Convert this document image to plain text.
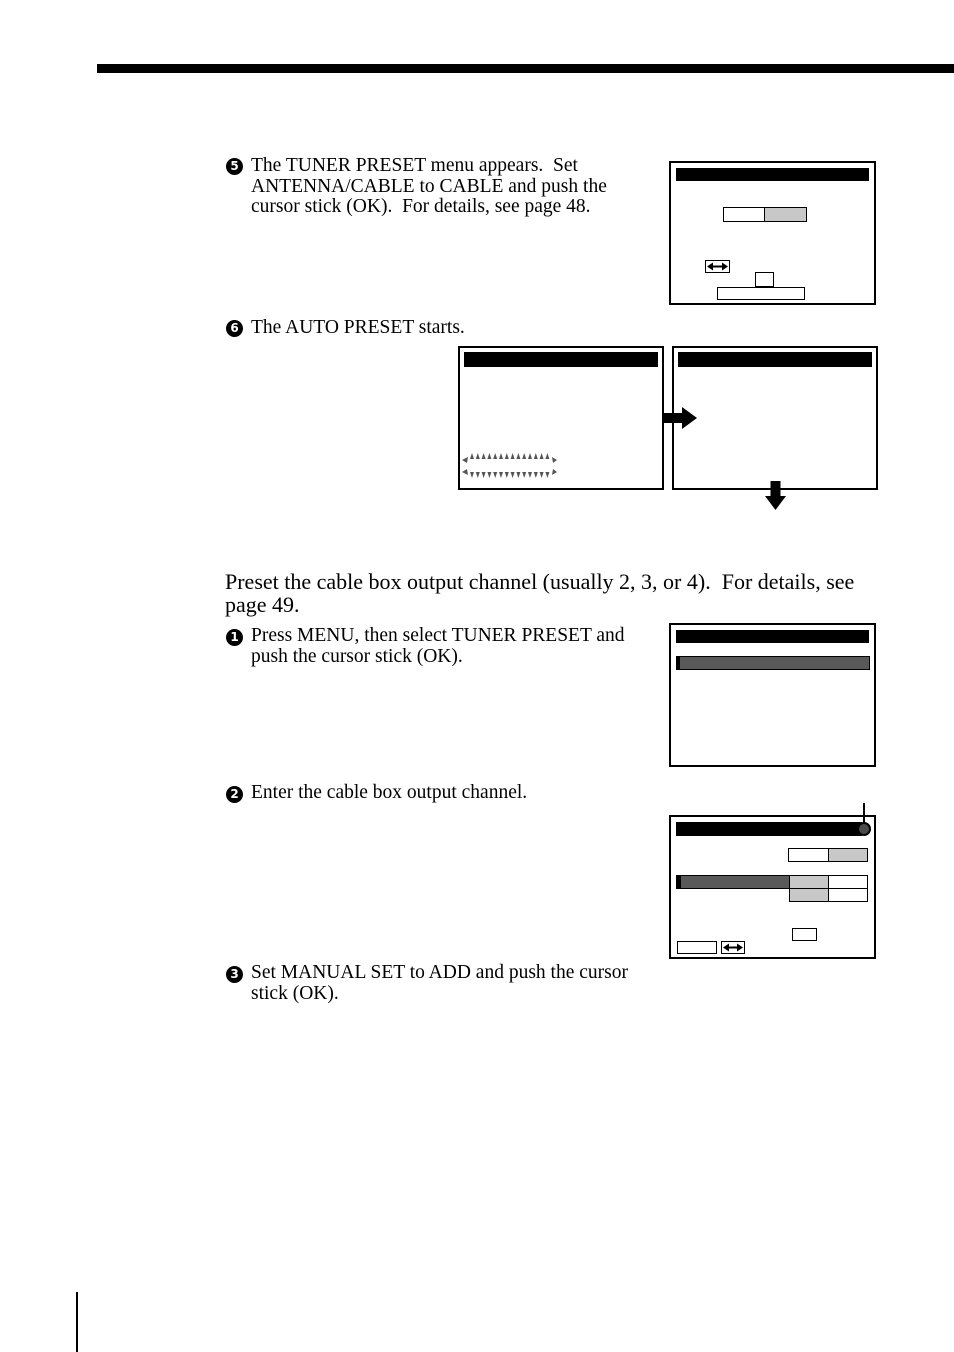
5 The TUNER PRESET menu appears.  Set
ANTENNA/CABLE to CABLE and push the
cursor stick (OK).  For details, see page 48.
6 The AUTO PRESET starts.
Preset the cable box output channel (usually 2, 3, or 4).  For details, see
page 49.
1 Press MENU, then select TUNER PRESET and
push the cursor stick (OK).
2 Enter the cable box output channel.
3 Set MANUAL SET to ADD and push the cursor
stick (OK).
